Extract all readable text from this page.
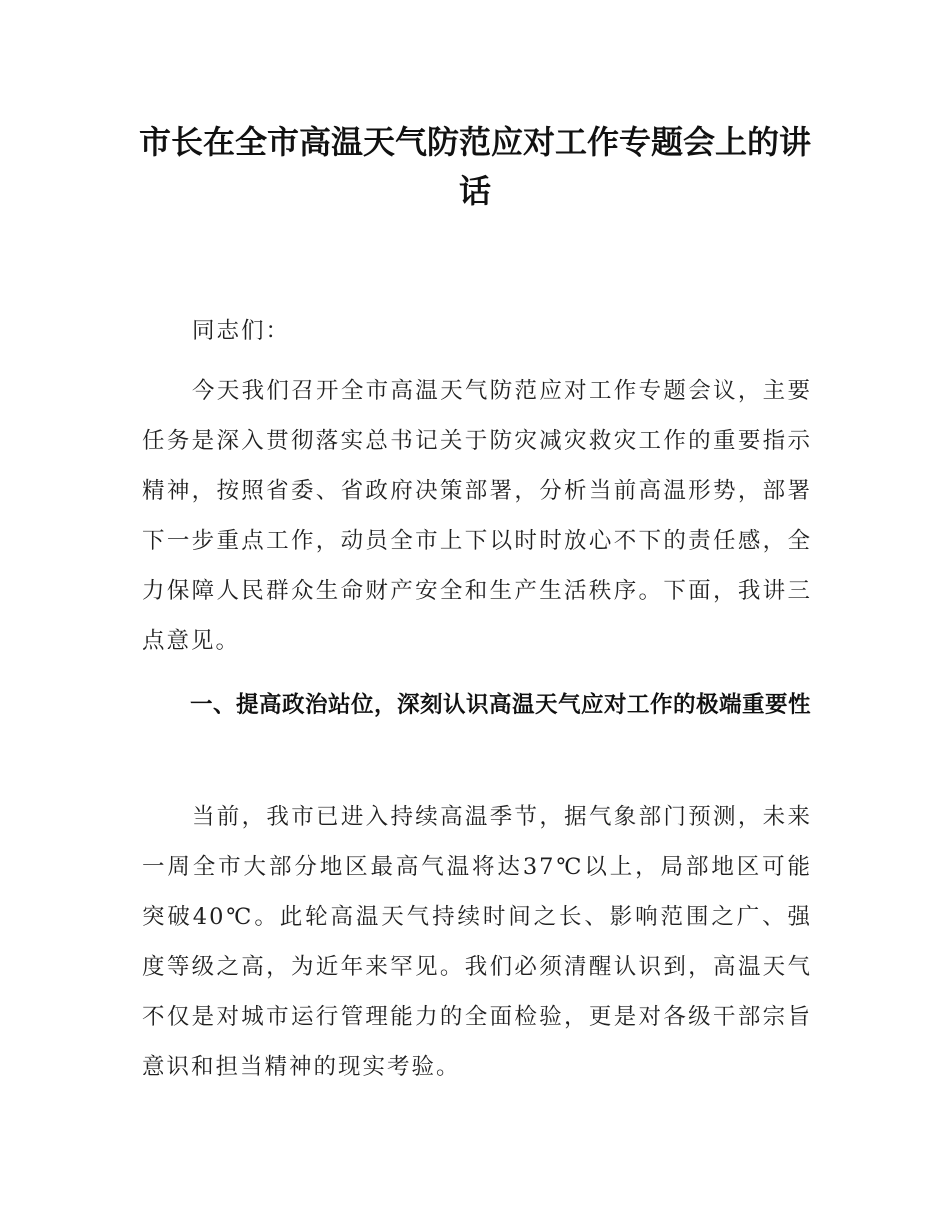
市长在全市高温天气防范应对工作专题会上的讲话

同志们：

今天我们召开全市高温天气防范应对工作专题会议，主要任务是深入贯彻落实总书记关于防灾减灾救灾工作的重要指示精神，按照省委、省政府决策部署，分析当前高温形势，部署下一步重点工作，动员全市上下以时时放心不下的责任感，全力保障人民群众生命财产安全和生产生活秩序。下面，我讲三点意见。

一、提高政治站位，深刻认识高温天气应对工作的极端重要性

当前，我市已进入持续高温季节，据气象部门预测，未来一周全市大部分地区最高气温将达37℃以上，局部地区可能突破40℃。此轮高温天气持续时间之长、影响范围之广、强度等级之高，为近年来罕见。我们必须清醒认识到，高温天气不仅是对城市运行管理能力的全面检验，更是对各级干部宗旨意识和担当精神的现实考验。
